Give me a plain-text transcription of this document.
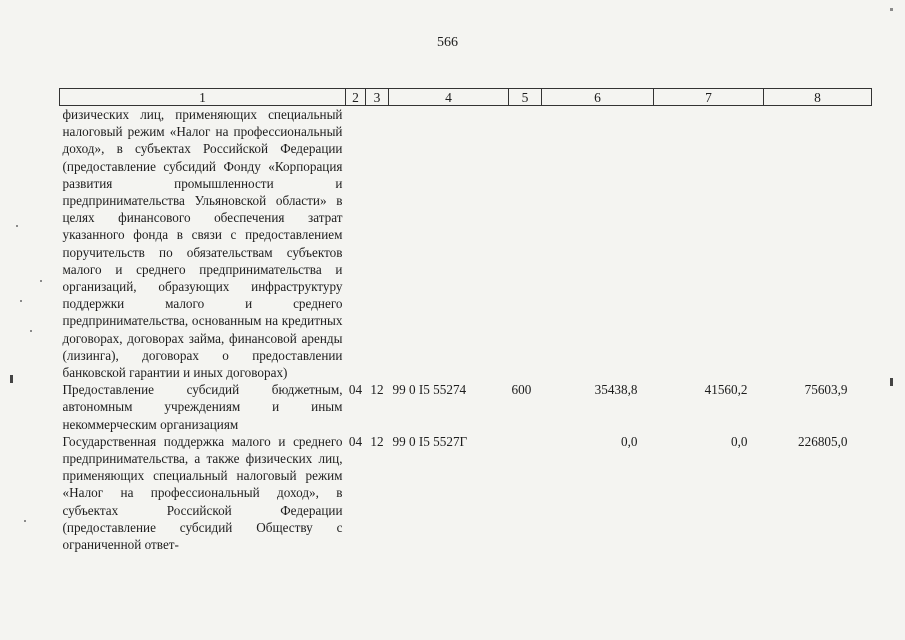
566
1	2	3	4	5	6	7	8
физических лиц, применяющих специальный налоговый режим «Налог на профессиональный доход», в субъектах Российской Федерации (предоставление субсидий Фонду «Корпорация развития промышленности и предпринимательства Ульяновской области» в целях финансового обеспечения затрат указанного фонда в связи с предоставлением поручительств по обязательствам субъектов малого и среднего предпринимательства и организаций, образующих инфраструктуру поддержки малого и среднего предпринимательства, основанным на кредитных договорах, договорах займа, финансовой аренды (лизинга), договорах о предоставлении банковской гарантии и иных договорах)							
Предоставление субсидий бюджетным, автономным учреждениям и иным некоммерческим организациям	04	12	99 0 I5 55274	600	35438,8	41560,2	75603,9
Государственная поддержка малого и среднего предпринимательства, а также физических лиц, применяющих специальный налоговый режим «Налог на профессиональный доход», в субъектах Российской Федерации (предоставление субсидий Обществу с ограниченной ответ-	04	12	99 0 I5 5527Г		0,0	0,0	226805,0
